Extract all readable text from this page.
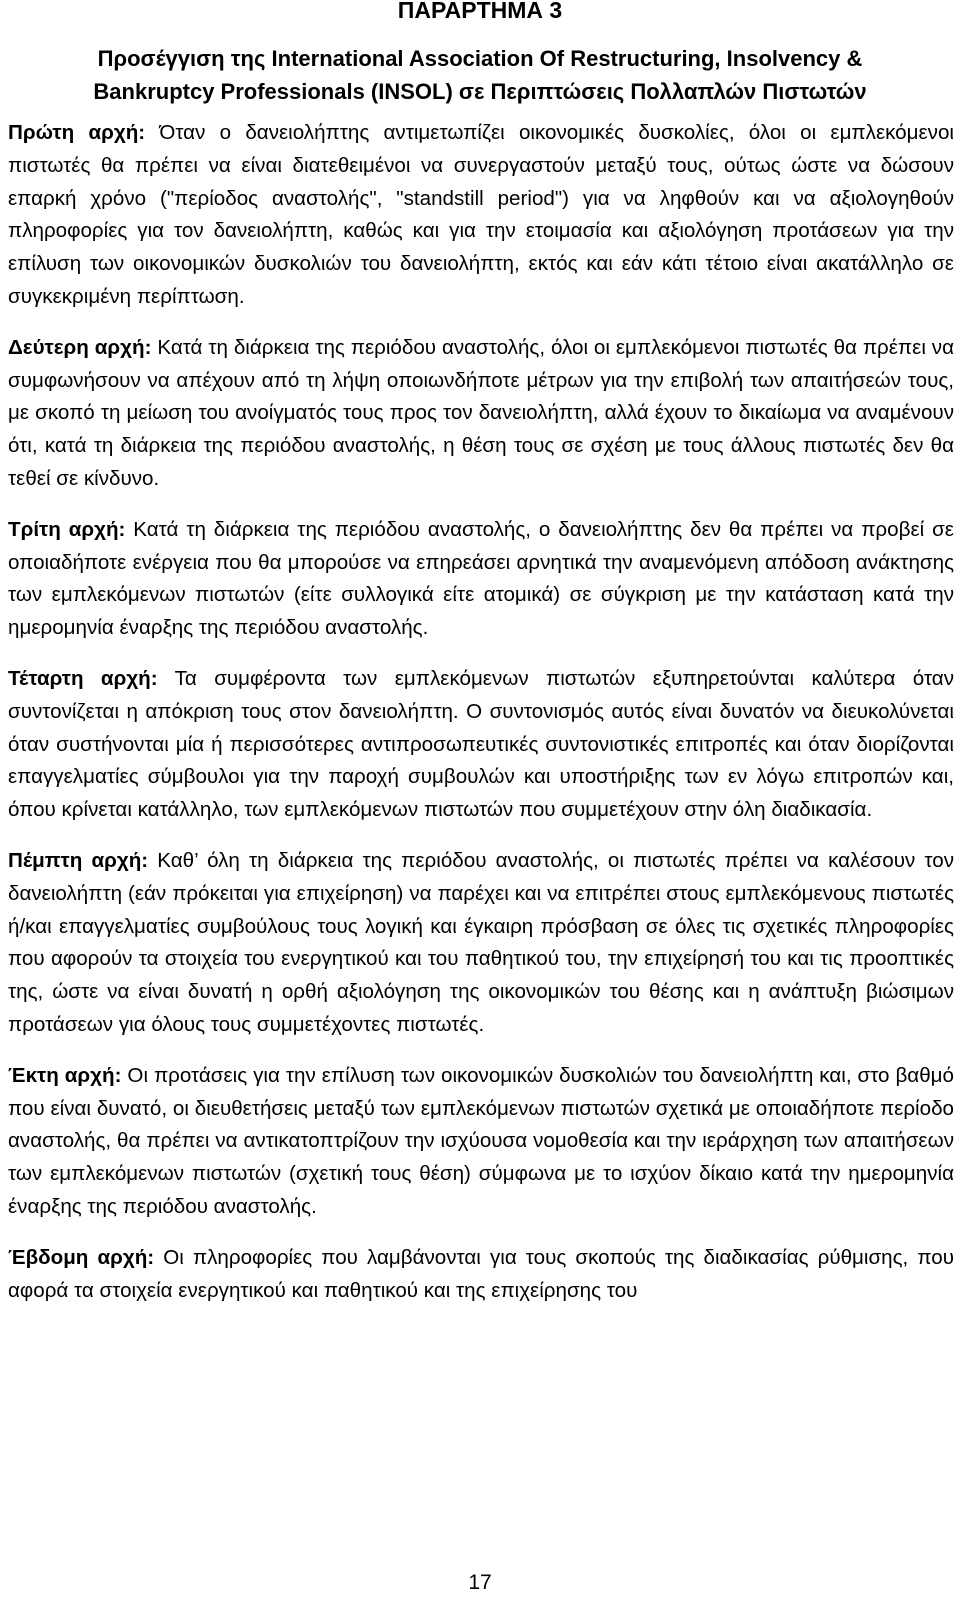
ΠΑΡΑΡΤΗΜΑ 3
Προσέγγιση της International Association Of Restructuring, Insolvency &
Bankruptcy Professionals (INSOL) σε Περιπτώσεις Πολλαπλών Πιστωτών

Πρώτη αρχή: Όταν ο δανειολήπτης αντιμετωπίζει οικονομικές δυσκολίες, όλοι οι εμπλεκόμενοι πιστωτές θα πρέπει να είναι διατεθειμένοι να συνεργαστούν μεταξύ τους, ούτως ώστε να δώσουν επαρκή χρόνο ("περίοδος αναστολής", "standstill period") για να ληφθούν και να αξιολογηθούν πληροφορίες για τον δανειολήπτη, καθώς και για την ετοιμασία και αξιολόγηση προτάσεων για την επίλυση των οικονομικών δυσκολιών του δανειολήπτη, εκτός και εάν κάτι τέτοιο είναι ακατάλληλο σε συγκεκριμένη περίπτωση.

Δεύτερη αρχή: Κατά τη διάρκεια της περιόδου αναστολής, όλοι οι εμπλεκόμενοι πιστωτές θα πρέπει να συμφωνήσουν να απέχουν από τη λήψη οποιωνδήποτε μέτρων για την επιβολή των απαιτήσεών τους, με σκοπό τη μείωση του ανοίγματός τους προς τον δανειολήπτη, αλλά έχουν το δικαίωμα να αναμένουν ότι, κατά τη διάρκεια της περιόδου αναστολής, η θέση τους σε σχέση με τους άλλους πιστωτές δεν θα τεθεί σε κίνδυνο.

Τρίτη αρχή: Κατά τη διάρκεια της περιόδου αναστολής, ο δανειολήπτης δεν θα πρέπει να προβεί σε οποιαδήποτε ενέργεια που θα μπορούσε να επηρεάσει αρνητικά την αναμενόμενη απόδοση ανάκτησης των εμπλεκόμενων πιστωτών (είτε συλλογικά είτε ατομικά) σε σύγκριση με την κατάσταση κατά την ημερομηνία έναρξης της περιόδου αναστολής.

Τέταρτη αρχή: Τα συμφέροντα των εμπλεκόμενων πιστωτών εξυπηρετούνται καλύτερα όταν συντονίζεται η απόκριση τους στον δανειολήπτη. Ο συντονισμός αυτός είναι δυνατόν να διευκολύνεται όταν συστήνονται μία ή περισσότερες αντιπροσωπευτικές συντονιστικές επιτροπές και όταν διορίζονται επαγγελματίες σύμβουλοι για την παροχή συμβουλών και υποστήριξης των εν λόγω επιτροπών και, όπου κρίνεται κατάλληλο, των εμπλεκόμενων πιστωτών που συμμετέχουν στην όλη διαδικασία.

Πέμπτη αρχή: Καθ’ όλη τη διάρκεια της περιόδου αναστολής, οι πιστωτές πρέπει να καλέσουν τον δανειολήπτη (εάν πρόκειται για επιχείρηση) να παρέχει και να επιτρέπει στους εμπλεκόμενους πιστωτές ή/και επαγγελματίες συμβούλους τους λογική και έγκαιρη πρόσβαση σε όλες τις σχετικές πληροφορίες που αφορούν τα στοιχεία του ενεργητικού και του παθητικού του, την επιχείρησή του και τις προοπτικές της, ώστε να είναι δυνατή η ορθή αξιολόγηση της οικονομικών του θέσης και η ανάπτυξη βιώσιμων προτάσεων για όλους τους συμμετέχοντες πιστωτές.

Έκτη αρχή: Οι προτάσεις για την επίλυση των οικονομικών δυσκολιών του δανειολήπτη και, στο βαθμό που είναι δυνατό, οι διευθετήσεις μεταξύ των εμπλεκόμενων πιστωτών σχετικά με οποιαδήποτε περίοδο αναστολής, θα πρέπει να αντικατοπτρίζουν την ισχύουσα νομοθεσία και την ιεράρχηση των απαιτήσεων των εμπλεκόμενων πιστωτών (σχετική τους θέση) σύμφωνα με το ισχύον δίκαιο κατά την ημερομηνία έναρξης της περιόδου αναστολής.

Έβδομη αρχή: Οι πληροφορίες που λαμβάνονται για τους σκοπούς της διαδικασίας ρύθμισης, που αφορά τα στοιχεία ενεργητικού και παθητικού και της επιχείρησης του

17
